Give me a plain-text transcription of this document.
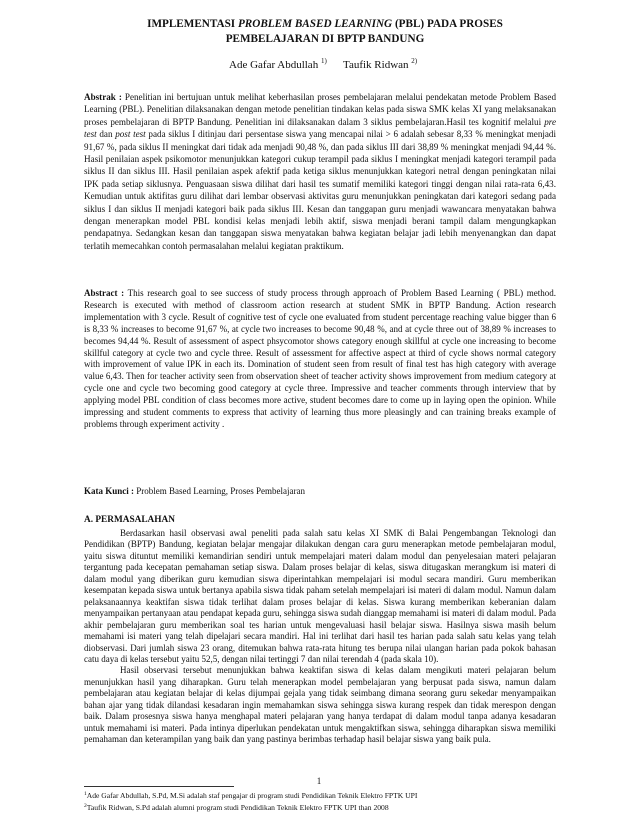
IMPLEMENTASI PROBLEM BASED LEARNING (PBL) PADA PROSES
PEMBELAJARAN DI BPTP BANDUNG
Ade Gafar Abdullah $^{1)}$ Taufik Ridwan $^{2)}$
Abstrak : Penelitian ini bertujuan untuk melihat keberhasilan proses pembelajaran melalui pendekatan metode Problem Based Learning (PBL). Penelitian dilaksanakan dengan metode penelitian tindakan kelas pada siswa SMK kelas XI yang melaksanakan proses pembelajaran di BPTP Bandung. Penelitian ini dilaksanakan dalam 3 siklus pembelajaran.Hasil tes kognitif melalui pre test dan post test pada siklus I ditinjau dari persentase siswa yang mencapai nilai > 6 adalah sebesar 8,33 % meningkat menjadi 91,67 %, pada siklus II meningkat dari tidak ada menjadi 90,48 %, dan pada siklus III dari 38,89 % meningkat menjadi 94,44 %. Hasil penilaian aspek psikomotor menunjukkan kategori cukup terampil pada siklus I meningkat menjadi kategori terampil pada siklus II dan siklus III. Hasil penilaian aspek afektif pada ketiga siklus menunjukkan kategori netral dengan peningkatan nilai IPK pada setiap siklusnya. Penguasaan siswa dilihat dari hasil tes sumatif memiliki kategori tinggi dengan nilai rata-rata 6,43. Kemudian untuk aktifitas guru dilihat dari lembar observasi aktivitas guru menunjukkan peningkatan dari kategori sedang pada siklus I dan siklus II menjadi kategori baik pada siklus III. Kesan dan tanggapan guru menjadi wawancara menyatakan bahwa dengan menerapkan model PBL kondisi kelas menjadi lebih aktif, siswa menjadi berani tampil dalam mengungkapkan pendapatnya. Sedangkan kesan dan tanggapan siswa menyatakan bahwa kegiatan belajar jadi lebih menyenangkan dan dapat terlatih memecahkan contoh permasalahan melalui kegiatan praktikum.
Abstract : This research goal to see success of study process through approach of Problem Based Learning ( PBL) method. Research is executed with method of classroom action research at student SMK in BPTP Bandung. Action research implementation with 3 cycle. Result of cognitive test of cycle one evaluated from student percentage reaching value bigger than 6 is 8,33 % increases to become 91,67 %, at cycle two increases to become 90,48 %, and at cycle three out of 38,89 % increases to becomes 94,44 %. Result of assessment of aspect phsycomotor shows category enough skillful at cycle one increasing to become skillful category at cycle two and cycle three. Result of assessment for affective aspect at third of cycle shows normal category with improvement of value IPK in each its. Domination of student seen from result of final test has high category with average value 6,43. Then for teacher activity seen from observation sheet of teacher activity shows improvement from medium category at cycle one and cycle two becoming good category at cycle three. Impressive and teacher comments through interview that by applying model PBL condition of class becomes more active, student becomes dare to come up in laying open the opinion. While impressing and student comments to express that activity of learning thus more pleasingly and can training breaks example of problems through experiment activity .
Kata Kunci : Problem Based Learning, Proses Pembelajaran
A. PERMASALAHAN

Berdasarkan hasil observasi awal peneliti pada salah satu kelas XI SMK di Balai Pengembangan Teknologi dan Pendidikan (BPTP) Bandung, kegiatan belajar mengajar dilakukan dengan cara guru menerapkan metode pembelajaran modul, yaitu siswa dituntut memiliki kemandirian sendiri untuk mempelajari materi dalam modul dan penyelesaian materi pelajaran tergantung pada kecepatan pemahaman setiap siswa. Dalam proses belajar di kelas, siswa ditugaskan merangkum isi materi di dalam modul yang diberikan guru kemudian siswa diperintahkan mempelajari isi modul secara mandiri. Guru memberikan kesempatan kepada siswa untuk bertanya apabila siswa tidak paham setelah mempelajari isi materi di dalam modul. Namun dalam pelaksanaannya keaktifan siswa tidak terlihat dalam proses belajar di kelas. Siswa kurang memberikan keberanian dalam menyampaikan pertanyaan atau pendapat kepada guru, sehingga siswa sudah dianggap memahami isi materi di dalam modul. Pada akhir pembelajaran guru memberikan soal tes harian untuk mengevaluasi hasil belajar siswa. Hasilnya siswa masih belum memahami isi materi yang telah dipelajari secara mandiri. Hal ini terlihat dari hasil tes harian pada salah satu kelas yang telah diobservasi. Dari jumlah siswa 23 orang, ditemukan bahwa rata-rata hitung tes berupa nilai ulangan harian pada pokok bahasan catu daya di kelas tersebut yaitu 52,5, dengan nilai tertinggi 7 dan nilai terendah 4 (pada skala 10).

Hasil observasi tersebut menunjukkan bahwa keaktifan siswa di kelas dalam mengikuti materi pelajaran belum menunjukkan hasil yang diharapkan. Guru telah menerapkan model pembelajaran yang berpusat pada siswa, namun dalam pembelajaran atau kegiatan belajar di kelas dijumpai gejala yang tidak seimbang dimana seorang guru sekedar menyampaikan bahan ajar yang tidak dilandasi kesadaran ingin memahamkan siswa sehingga siswa kurang respek dan tidak merespon dengan baik. Dalam prosesnya siswa hanya menghapal materi pelajaran yang hanya terdapat di dalam modul tanpa adanya kesadaran untuk memahami isi materi. Pada intinya diperlukan pendekatan untuk mengaktifkan siswa, sehingga diharapkan siswa memiliki pemahaman dan keterampilan yang baik dan yang pastinya berimbas terhadap hasil belajar siswa yang baik pula.

1
$^1$Ade Gafar Abdullah, S.Pd, M.Si adalah staf pengajar di program studi Pendidikan Teknik Elektro FPTK UPI
$^2$Taufik Ridwan, S.Pd adalah alumni program studi Pendidikan Teknik Elektro FPTK UPI than 2008
